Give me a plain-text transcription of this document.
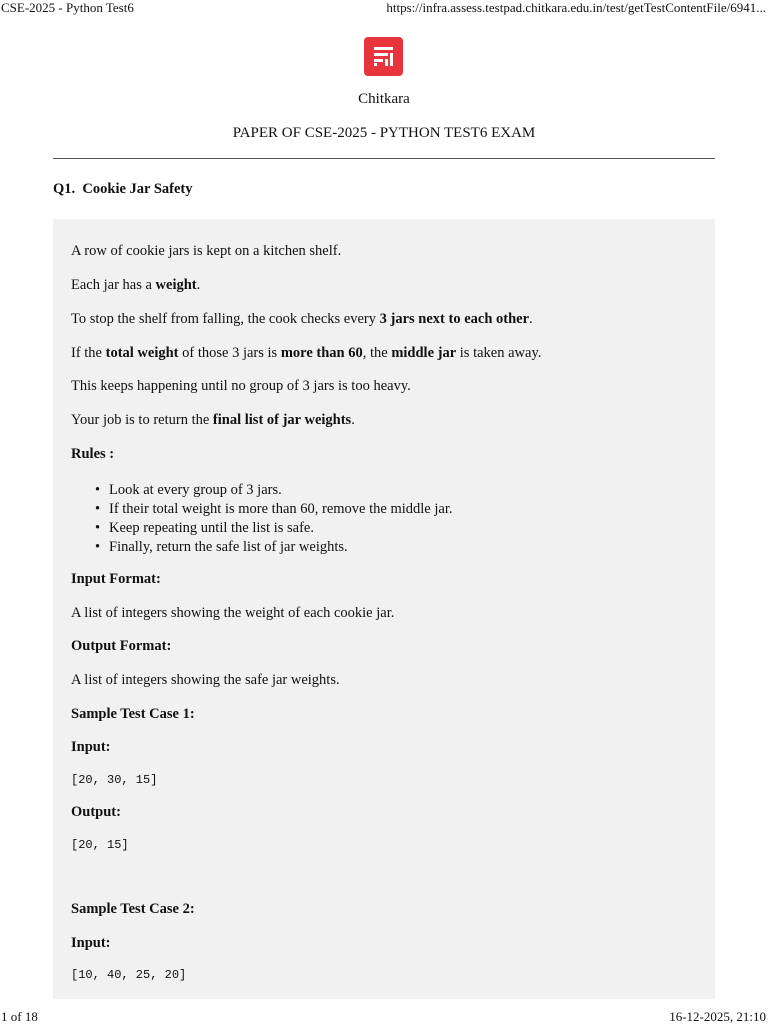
CSE-2025 - Python Test6	https://infra.assess.testpad.chitkara.edu.in/test/getTestContentFile/6941...
Chitkara
PAPER OF CSE-2025 - PYTHON TEST6 EXAM
Q1. Cookie Jar Safety
A row of cookie jars is kept on a kitchen shelf.
Each jar has a weight.
To stop the shelf from falling, the cook checks every 3 jars next to each other.
If the total weight of those 3 jars is more than 60, the middle jar is taken away.
This keeps happening until no group of 3 jars is too heavy.
Your job is to return the final list of jar weights.
Rules :
• Look at every group of 3 jars.
• If their total weight is more than 60, remove the middle jar.
• Keep repeating until the list is safe.
• Finally, return the safe list of jar weights.
Input Format:
A list of integers showing the weight of each cookie jar.
Output Format:
A list of integers showing the safe jar weights.
Sample Test Case 1:
Input:
[20, 30, 15]
Output:
[20, 15]
Sample Test Case 2:
Input:
[10, 40, 25, 20]
1 of 18	16-12-2025, 21:10
